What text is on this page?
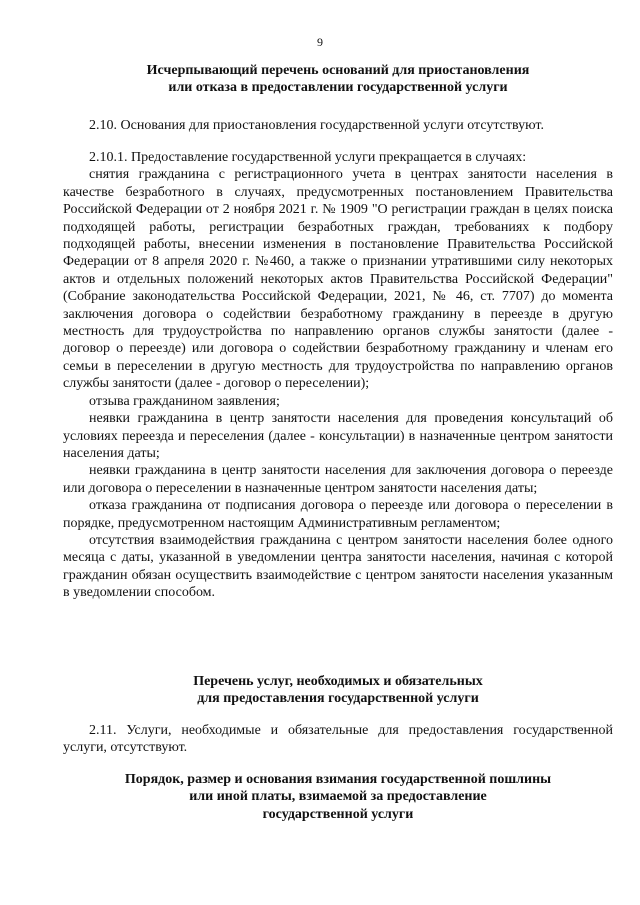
9

Исчерпывающий перечень оснований для приостановления

или отказа в предоставлении государственной услуги

2.10. Основания для приостановления государственной услуги отсутствуют.

2.10.1. Предоставление государственной услуги прекращается в случаях:

снятия гражданина с регистрационного учета в центрах занятости населения в качестве безработного в случаях, предусмотренных постановлением Правительства Российской Федерации от 2 ноября 2021 г. № 1909 "О регистрации граждан в целях поиска подходящей работы, регистрации безработных граждан, требованиях к подбору подходящей работы, внесении изменения в постановление Правительства Российской Федерации от 8 апреля 2020 г. №460, а также о признании утратившими силу некоторых актов и отдельных положений некоторых актов Правительства Российской Федерации" (Собрание законодательства Российской Федерации, 2021, № 46, ст. 7707) до момента заключения договора о содействии безработному гражданину в переезде в другую местность для трудоустройства по направлению органов службы занятости (далее - договор о переезде) или договора о содействии безработному гражданину и членам его семьи в переселении в другую местность для трудоустройства по направлению органов службы занятости (далее - договор о переселении);

отзыва гражданином заявления;

неявки гражданина в центр занятости населения для проведения консультаций об условиях переезда и переселения (далее - консультации) в назначенные центром занятости населения даты;

неявки гражданина в центр занятости населения для заключения договора о переезде или договора о переселении в назначенные центром занятости населения даты;

отказа гражданина от подписания договора о переезде или договора о переселении в порядке, предусмотренном настоящим Административным регламентом;

отсутствия взаимодействия гражданина с центром занятости населения более одного месяца с даты, указанной в уведомлении центра занятости населения, начиная с которой гражданин обязан осуществить взаимодействие с центром занятости населения указанным в уведомлении способом.

Перечень услуг, необходимых и обязательных

для предоставления государственной услуги

2.11. Услуги, необходимые и обязательные для предоставления государственной услуги, отсутствуют.

Порядок, размер и основания взимания государственной пошлины

или иной платы, взимаемой за предоставление

государственной услуги
